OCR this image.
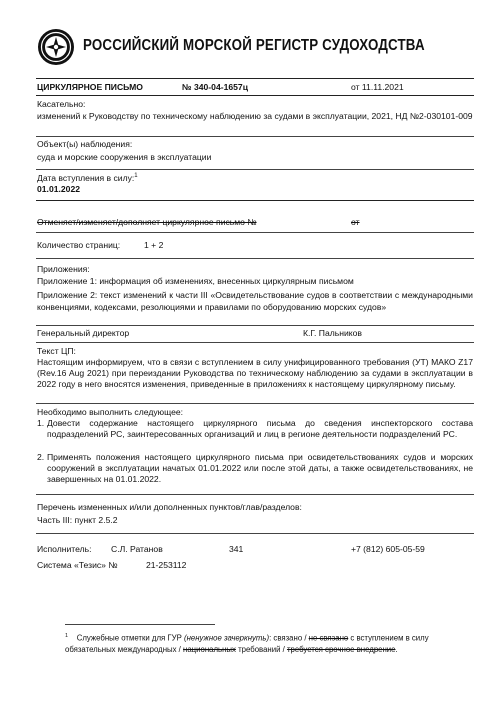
РОССИЙСКИЙ МОРСКОЙ РЕГИСТР СУДОХОДСТВА
ЦИРКУЛЯРНОЕ ПИСЬМО	№ 340-04-1657ц	от 11.11.2021
Касательно:
изменений к Руководству по техническому наблюдению за судами в эксплуатации, 2021, НД №2-030101-009
Объект(ы) наблюдения:
суда и морские сооружения в эксплуатации
Дата вступления в силу:$^1$
01.01.2022
Отменяет/изменяет/дополняет циркулярное письмо №	от
Количество страниц:	1 + 2
Приложения:
Приложение 1: информация об изменениях, внесенных циркулярным письмом
Приложение 2: текст изменений к части III «Освидетельствование судов в соответствии с международными конвенциями, кодексами, резолюциями и правилами по оборудованию морских судов»
Генеральный директор	К.Г. Пальников
Текст ЦП:
Настоящим информируем, что в связи с вступлением в силу унифицированного требования (УТ) МАКО Z17 (Rev.16 Aug 2021) при переиздании Руководства по техническому наблюдению за судами в эксплуатации в 2022 году в него вносятся изменения, приведенные в приложениях к настоящему циркулярному письму.
Необходимо выполнить следующее:
1. Довести содержание настоящего циркулярного письма до сведения инспекторского состава подразделений РС, заинтересованных организаций и лиц в регионе деятельности подразделений РС.
2. Применять положения настоящего циркулярного письма при освидетельствованиях судов и морских сооружений в эксплуатации начатых 01.01.2022 или после этой даты, а также освидетельствованиях, не завершенных на 01.01.2022.
Перечень измененных и/или дополненных пунктов/глав/разделов:
Часть III: пункт 2.5.2
Исполнитель: С.Л. Ратанов	341	+7 (812) 605-05-59
Система «Тезис» №	21-253112
$^1$ Служебные отметки для ГУР (ненужное зачеркнуть): связано / не связано с вступлением в силу обязательных международных / национальных требований / требуется срочное внедрение.
